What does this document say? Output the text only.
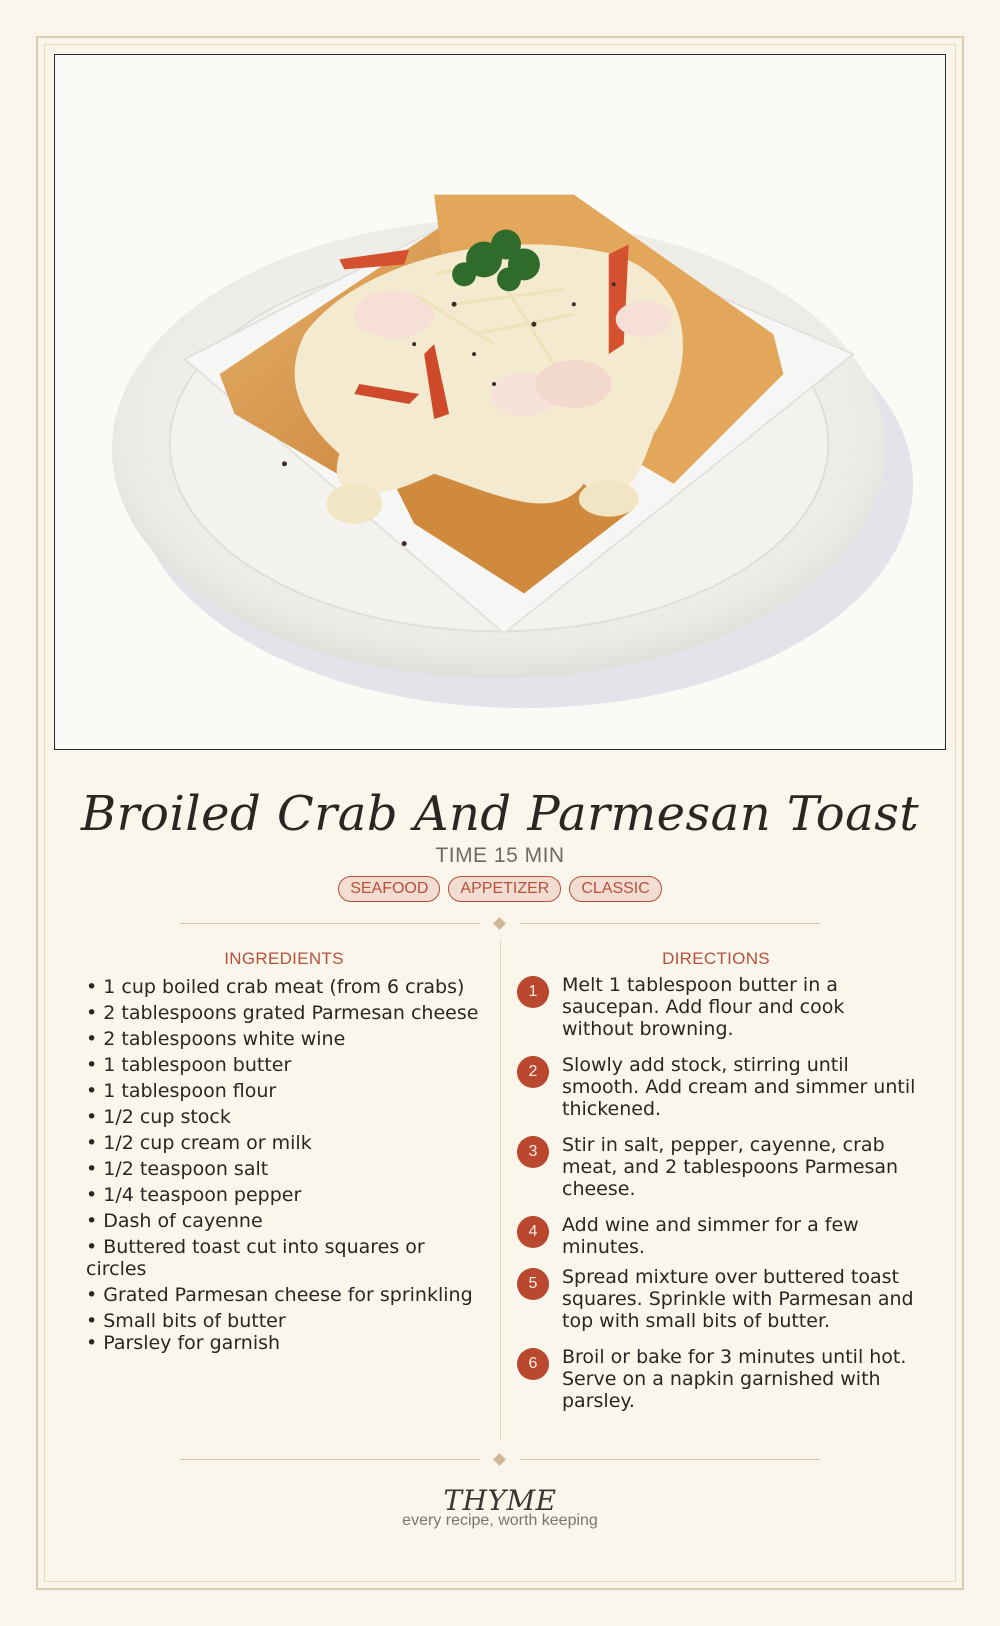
Broiled Crab And Parmesan Toast
TIME 15 MIN
SEAFOOD	APPETIZER	CLASSIC
INGREDIENTS	DIRECTIONS
• 1 cup boiled crab meat (from 6 crabs)
• 2 tablespoons grated Parmesan cheese
• 2 tablespoons white wine
• 1 tablespoon butter
• 1 tablespoon flour
• 1/2 cup stock
• 1/2 cup cream or milk
• 1/2 teaspoon salt
• 1/4 teaspoon pepper
• Dash of cayenne
• Buttered toast cut into squares or circles
• Grated Parmesan cheese for sprinkling
• Small bits of butter
• Parsley for garnish
1	Melt 1 tablespoon butter in a saucepan. Add flour and cook without browning.
2	Slowly add stock, stirring until smooth. Add cream and simmer until thickened.
3	Stir in salt, pepper, cayenne, crab meat, and 2 tablespoons Parmesan cheese.
4	Add wine and simmer for a few minutes.
5	Spread mixture over buttered toast squares. Sprinkle with Parmesan and top with small bits of butter.
6	Broil or bake for 3 minutes until hot. Serve on a napkin garnished with parsley.
THYME
every recipe, worth keeping
